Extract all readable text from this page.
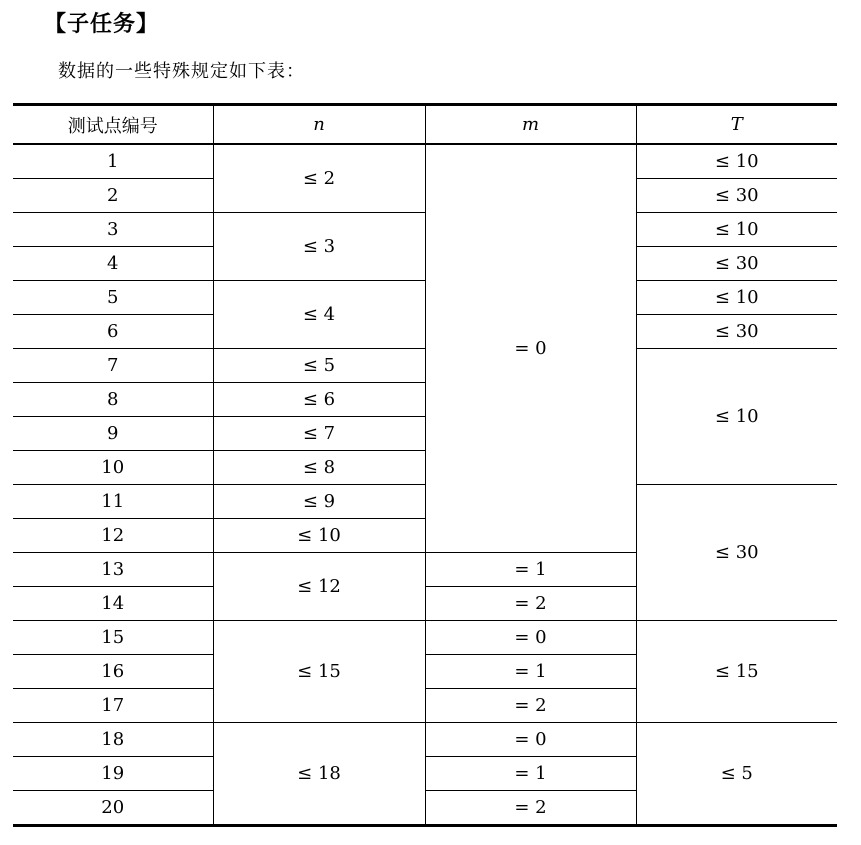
【子任务】
数据的一些特殊规定如下表：
测试点编号	n	m	T
1	≤ 2	= 0	≤ 10
2			≤ 30
3	≤ 3		≤ 10
4			≤ 30
5	≤ 4		≤ 10
6			≤ 30
7	≤ 5		≤ 10
8	≤ 6		
9	≤ 7		
10	≤ 8		
11	≤ 9		≤ 30
12	≤ 10		
13	≤ 12	= 1	
14		= 2	
15	≤ 15	= 0	≤ 15
16		= 1	
17		= 2	
18	≤ 18	= 0	≤ 5
19		= 1	
20		= 2	
